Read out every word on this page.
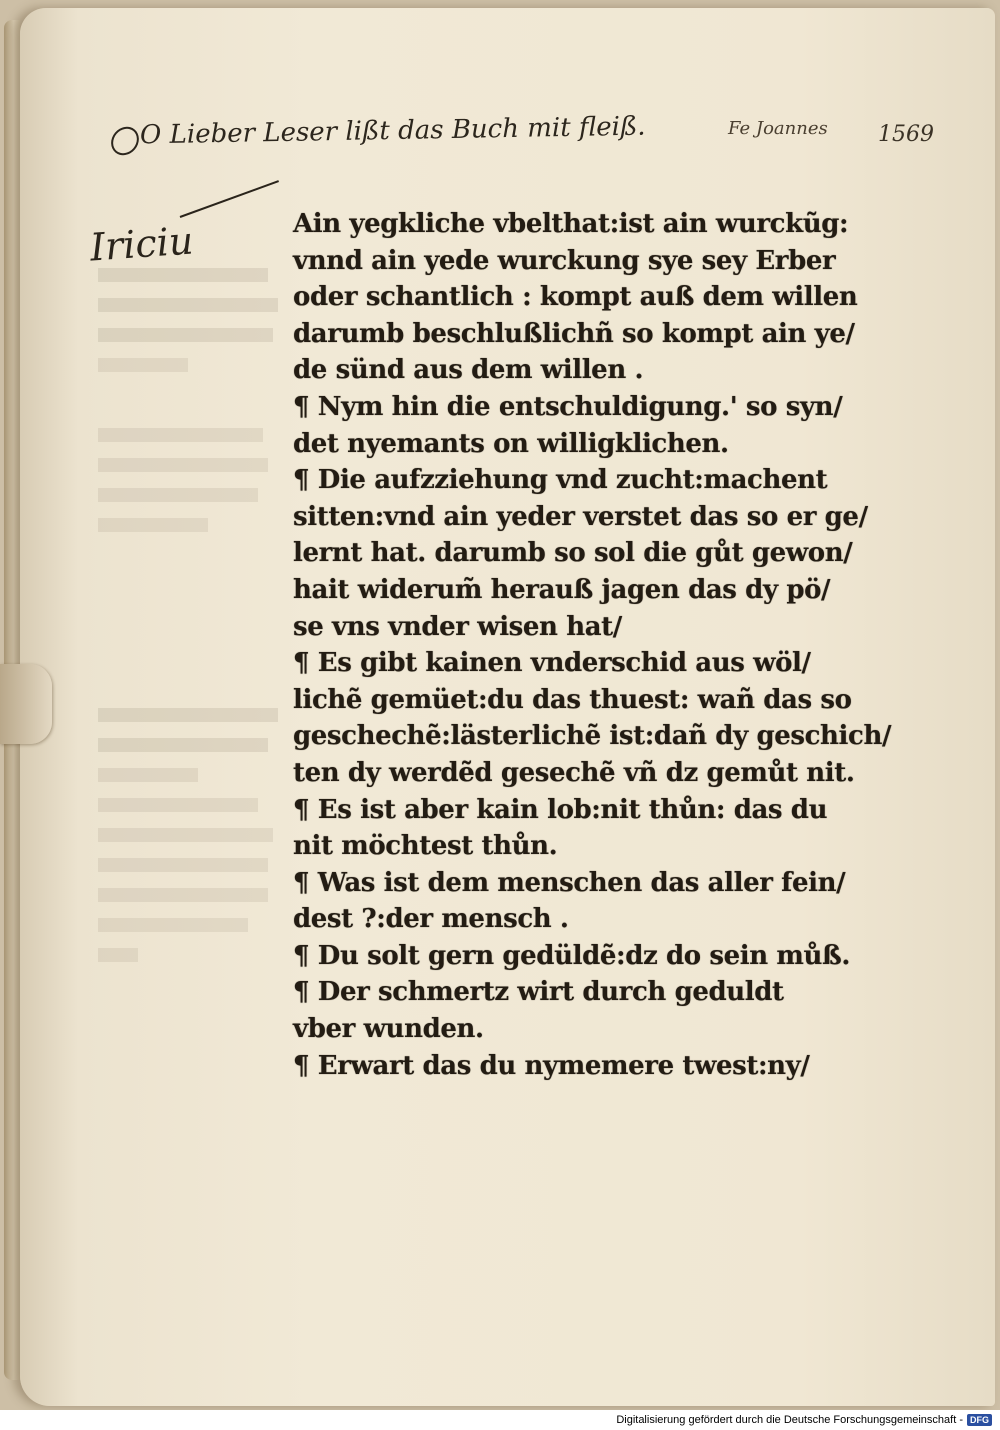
O Lieber Leser lißt das Buch mit fleiß.	Fe Joannes 1569
Iriciu	Ain yegkliche vbelthat:ist ain wurckũg:
vnnd ain yede wurckung sye sey Erber
oder schantlich : kompt auß dem willen
darumb beschlußlichñ so kompt ain ye/
de sünd aus dem willen .
¶ Nym hin die entschuldigung.' so syn/
det nyemants on willigklichen.
¶ Die aufzziehung vnd zucht:machent
sitten:vnd ain yeder verstet das so er ge/
lernt hat. darumb so sol die gůt gewon/
hait widerum̃ herauß jagen das dy pö/
se vns vnder wisen hat/
¶ Es gibt kainen vnderschid aus wöl/
lichẽ gemüet:du das thuest: wañ das so
geschechẽ:lästerlichẽ ist:dañ dy geschich/
ten dy werdẽd gesechẽ vñ dz gemůt nit.
¶ Es ist aber kain lob:nit thůn: das du
nit möchtest thůn.
¶ Was ist dem menschen das aller fein/
dest ?:der mensch .
¶ Du solt gern gedüldẽ:dz do sein můß.
¶ Der schmertz wirt durch geduldt
vber wunden.
¶ Erwart das du nymemere twest:ny/
Digitalisierung gefördert durch die Deutsche Forschungsgemeinschaft - DFG
